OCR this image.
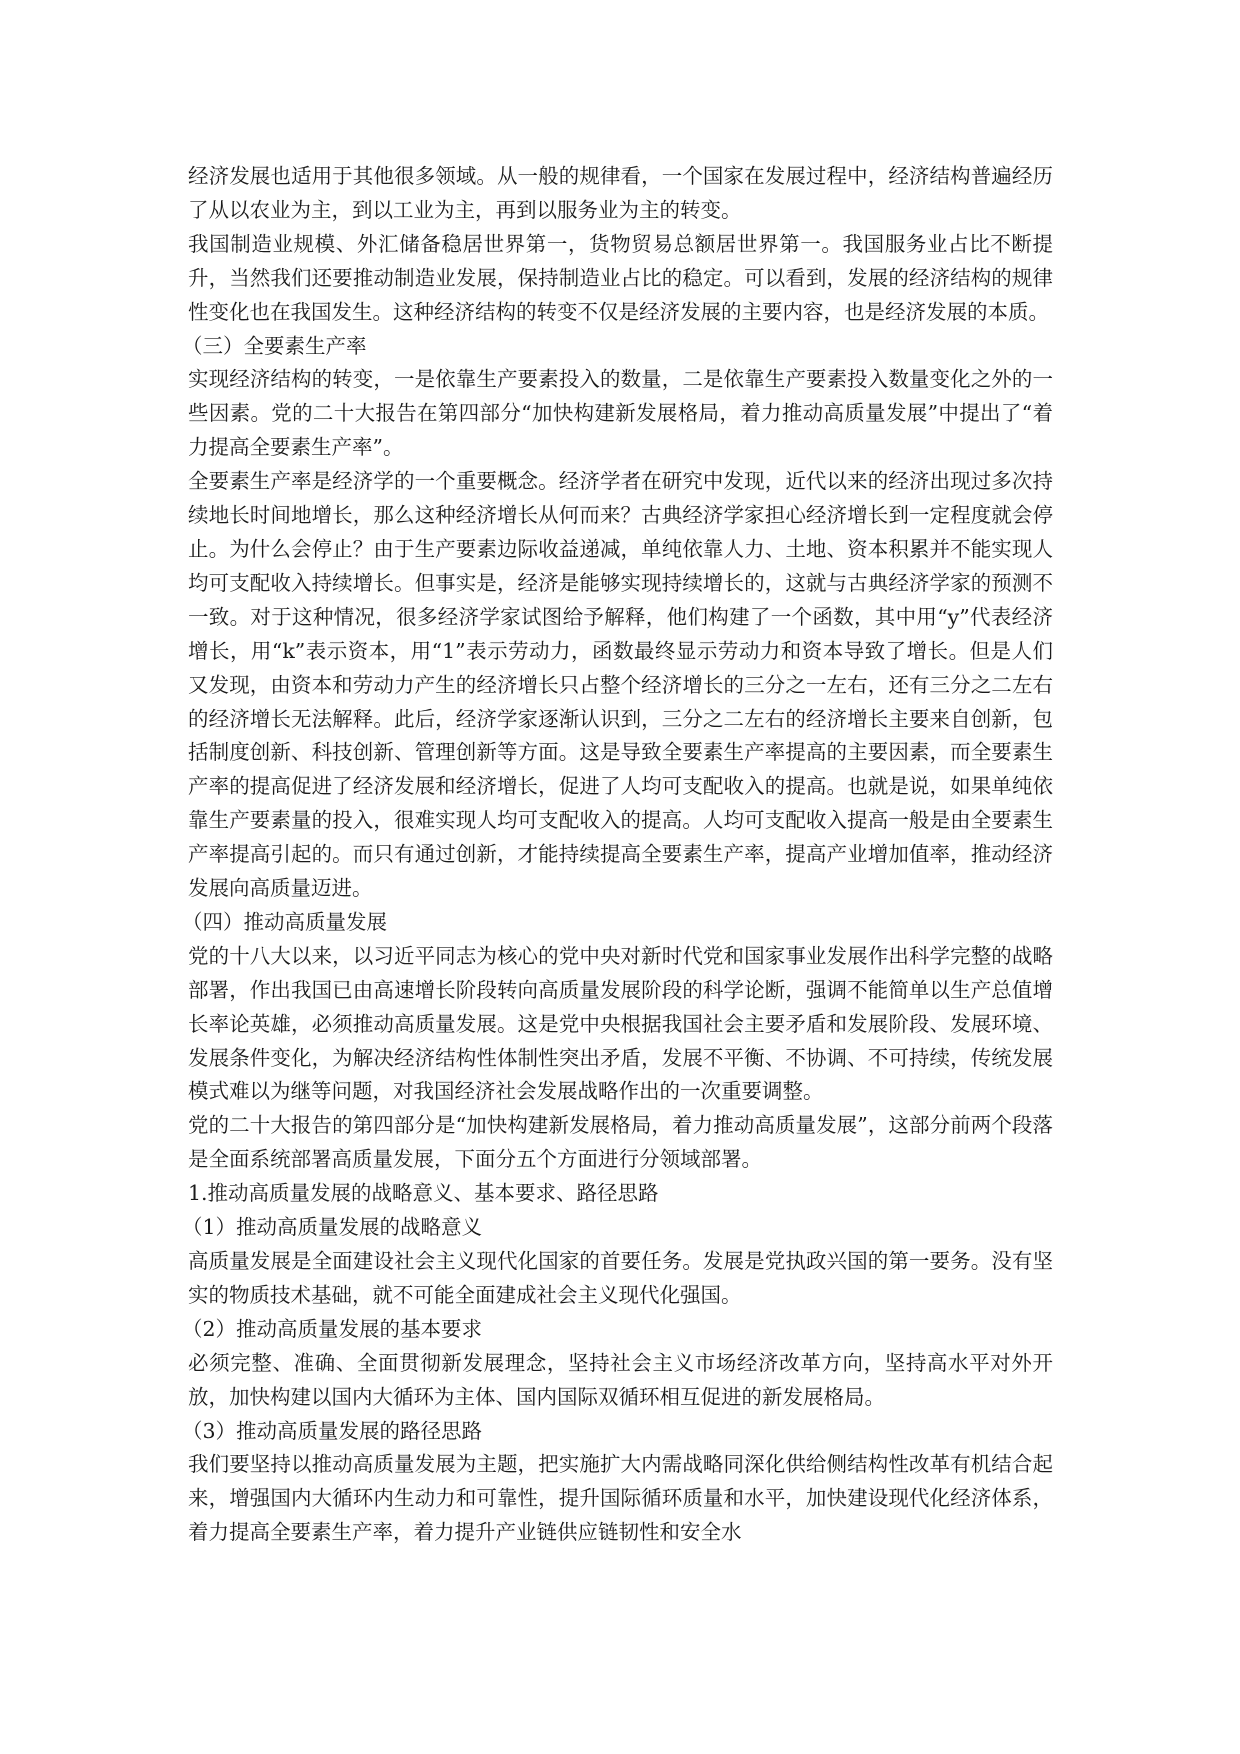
经济发展也适用于其他很多领域。从一般的规律看，一个国家在发展过程中，经济结构普遍经历了从以农业为主，到以工业为主，再到以服务业为主的转变。

我国制造业规模、外汇储备稳居世界第一，货物贸易总额居世界第一。我国服务业占比不断提升，当然我们还要推动制造业发展，保持制造业占比的稳定。可以看到，发展的经济结构的规律性变化也在我国发生。这种经济结构的转变不仅是经济发展的主要内容，也是经济发展的本质。

（三）全要素生产率

实现经济结构的转变，一是依靠生产要素投入的数量，二是依靠生产要素投入数量变化之外的一些因素。党的二十大报告在第四部分“加快构建新发展格局，着力推动高质量发展”中提出了“着力提高全要素生产率”。

全要素生产率是经济学的一个重要概念。经济学者在研究中发现，近代以来的经济出现过多次持续地长时间地增长，那么这种经济增长从何而来？古典经济学家担心经济增长到一定程度就会停止。为什么会停止？由于生产要素边际收益递减，单纯依靠人力、土地、资本积累并不能实现人均可支配收入持续增长。但事实是，经济是能够实现持续增长的，这就与古典经济学家的预测不一致。对于这种情况，很多经济学家试图给予解释，他们构建了一个函数，其中用“y”代表经济增长，用“k”表示资本，用“1”表示劳动力，函数最终显示劳动力和资本导致了增长。但是人们又发现，由资本和劳动力产生的经济增长只占整个经济增长的三分之一左右，还有三分之二左右的经济增长无法解释。此后，经济学家逐渐认识到，三分之二左右的经济增长主要来自创新，包括制度创新、科技创新、管理创新等方面。这是导致全要素生产率提高的主要因素，而全要素生产率的提高促进了经济发展和经济增长，促进了人均可支配收入的提高。也就是说，如果单纯依靠生产要素量的投入，很难实现人均可支配收入的提高。人均可支配收入提高一般是由全要素生产率提高引起的。而只有通过创新，才能持续提高全要素生产率，提高产业增加值率，推动经济发展向高质量迈进。

（四）推动高质量发展

党的十八大以来，以习近平同志为核心的党中央对新时代党和国家事业发展作出科学完整的战略部署，作出我国已由高速增长阶段转向高质量发展阶段的科学论断，强调不能简单以生产总值增长率论英雄，必须推动高质量发展。这是党中央根据我国社会主要矛盾和发展阶段、发展环境、发展条件变化，为解决经济结构性体制性突出矛盾，发展不平衡、不协调、不可持续，传统发展模式难以为继等问题，对我国经济社会发展战略作出的一次重要调整。

党的二十大报告的第四部分是“加快构建新发展格局，着力推动高质量发展”，这部分前两个段落是全面系统部署高质量发展，下面分五个方面进行分领域部署。

1.推动高质量发展的战略意义、基本要求、路径思路

（1）推动高质量发展的战略意义

高质量发展是全面建设社会主义现代化国家的首要任务。发展是党执政兴国的第一要务。没有坚实的物质技术基础，就不可能全面建成社会主义现代化强国。

（2）推动高质量发展的基本要求

必须完整、准确、全面贯彻新发展理念，坚持社会主义市场经济改革方向，坚持高水平对外开放，加快构建以国内大循环为主体、国内国际双循环相互促进的新发展格局。

（3）推动高质量发展的路径思路

我们要坚持以推动高质量发展为主题，把实施扩大内需战略同深化供给侧结构性改革有机结合起来，增强国内大循环内生动力和可靠性，提升国际循环质量和水平，加快建设现代化经济体系，着力提高全要素生产率，着力提升产业链供应链韧性和安全水
